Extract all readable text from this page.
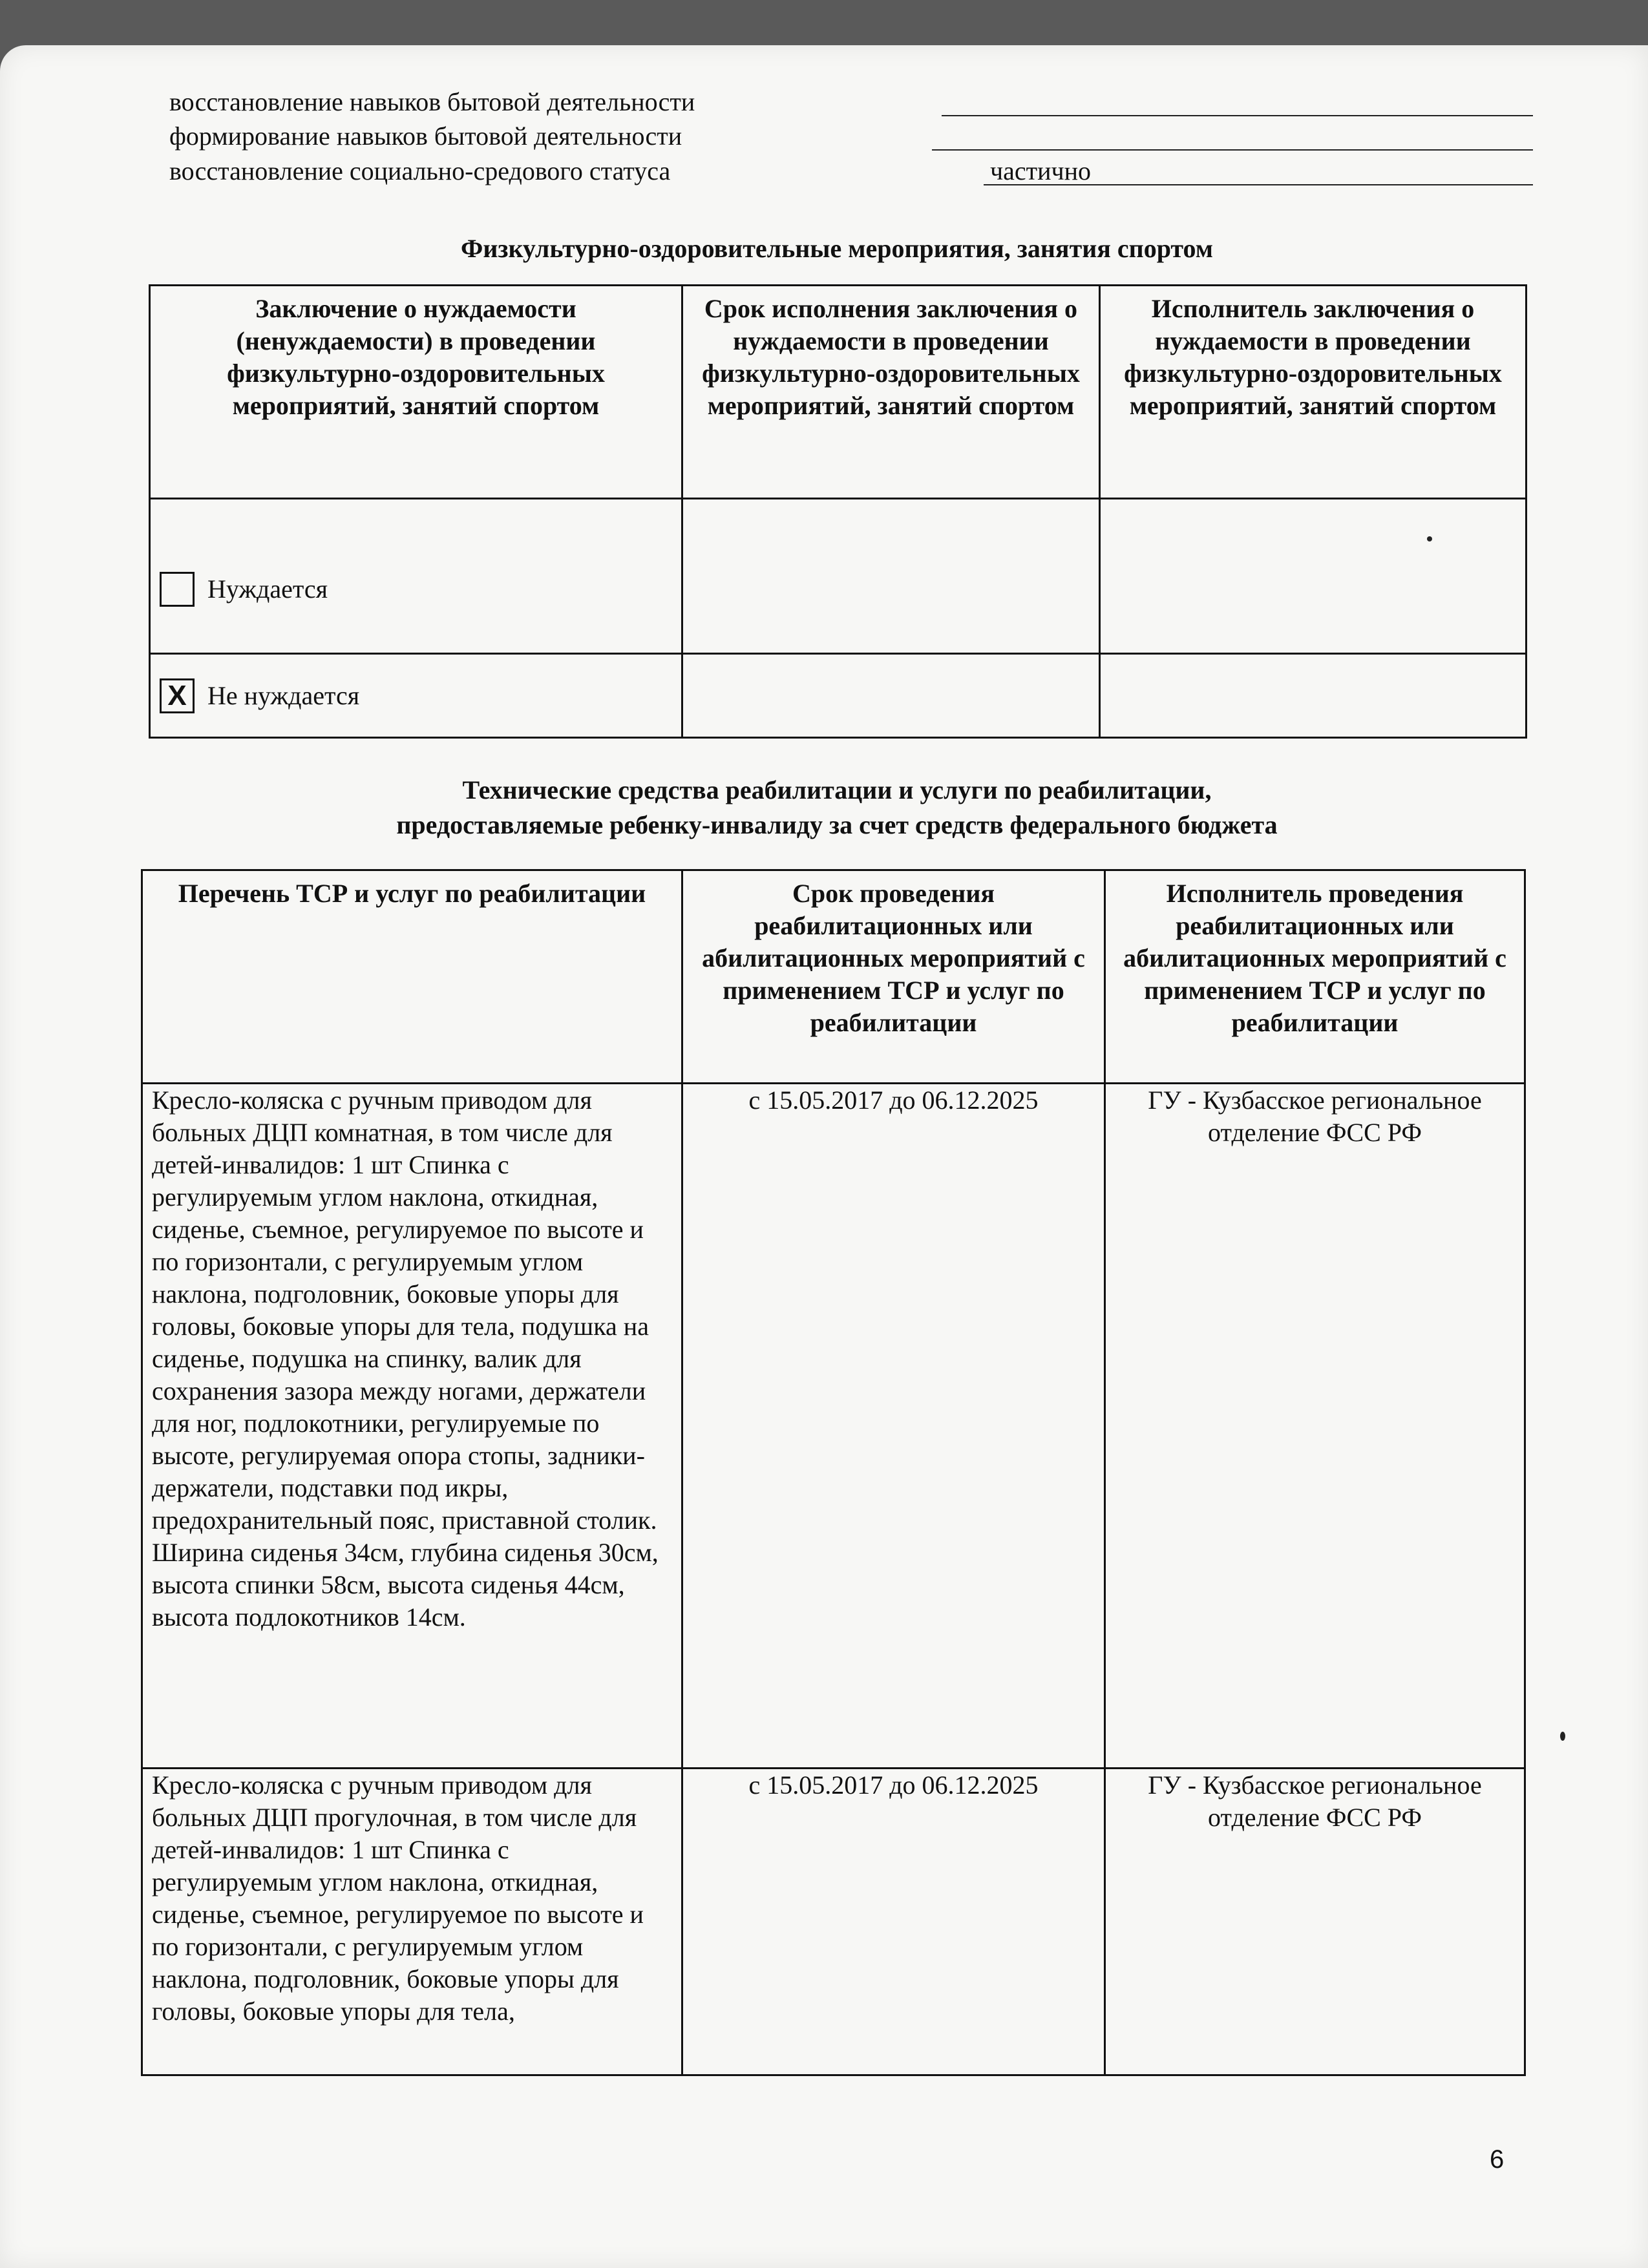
восстановление навыков бытовой деятельности
формирование навыков бытовой деятельности
восстановление социально-средового статуса	частично
Физкультурно-оздоровительные мероприятия, занятия спортом
Заключение о нуждаемости (ненуждаемости) в проведении физкультурно-оздоровительных мероприятий, занятий спортом	Срок исполнения заключения о нуждаемости в проведении физкультурно-оздоровительных мероприятий, занятий спортом	Исполнитель заключения о нуждаемости в проведении физкультурно-оздоровительных мероприятий, занятий спортом

Нуждается		

X Не нуждается		

Технические средства реабилитации и услуги по реабилитации,
предоставляемые ребенку-инвалиду за счет средств федерального бюджета
Перечень ТСР и услуг по реабилитации	Срок проведения реабилитационных или абилитационных мероприятий с применением ТСР и услуг по реабилитации	Исполнитель проведения реабилитационных или абилитационных мероприятий с применением ТСР и услуг по реабилитации
Кресло-коляска с ручным приводом для больных ДЦП комнатная, в том числе для детей-инвалидов: 1 шт Спинка с регулируемым углом наклона, откидная, сиденье, съемное, регулируемое по высоте и по горизонтали, с регулируемым углом наклона, подголовник, боковые упоры для головы, боковые упоры для тела, подушка на сиденье, подушка на спинку, валик для сохранения зазора между ногами, держатели для ног, подлокотники, регулируемые по высоте, регулируемая опора стопы, задники-держатели, подставки под икры, предохранительный пояс, приставной столик. Ширина сиденья 34см, глубина сиденья 30см, высота спинки 58см, высота сиденья 44см, высота подлокотников 14см.	с 15.05.2017 до 06.12.2025	ГУ - Кузбасское региональное отделение ФСС РФ
Кресло-коляска с ручным приводом для больных ДЦП прогулочная, в том числе для детей-инвалидов: 1 шт Спинка с регулируемым углом наклона, откидная, сиденье, съемное, регулируемое по высоте и по горизонтали, с регулируемым углом наклона, подголовник, боковые упоры для головы, боковые упоры для тела,	с 15.05.2017 до 06.12.2025	ГУ - Кузбасское региональное отделение ФСС РФ
6
